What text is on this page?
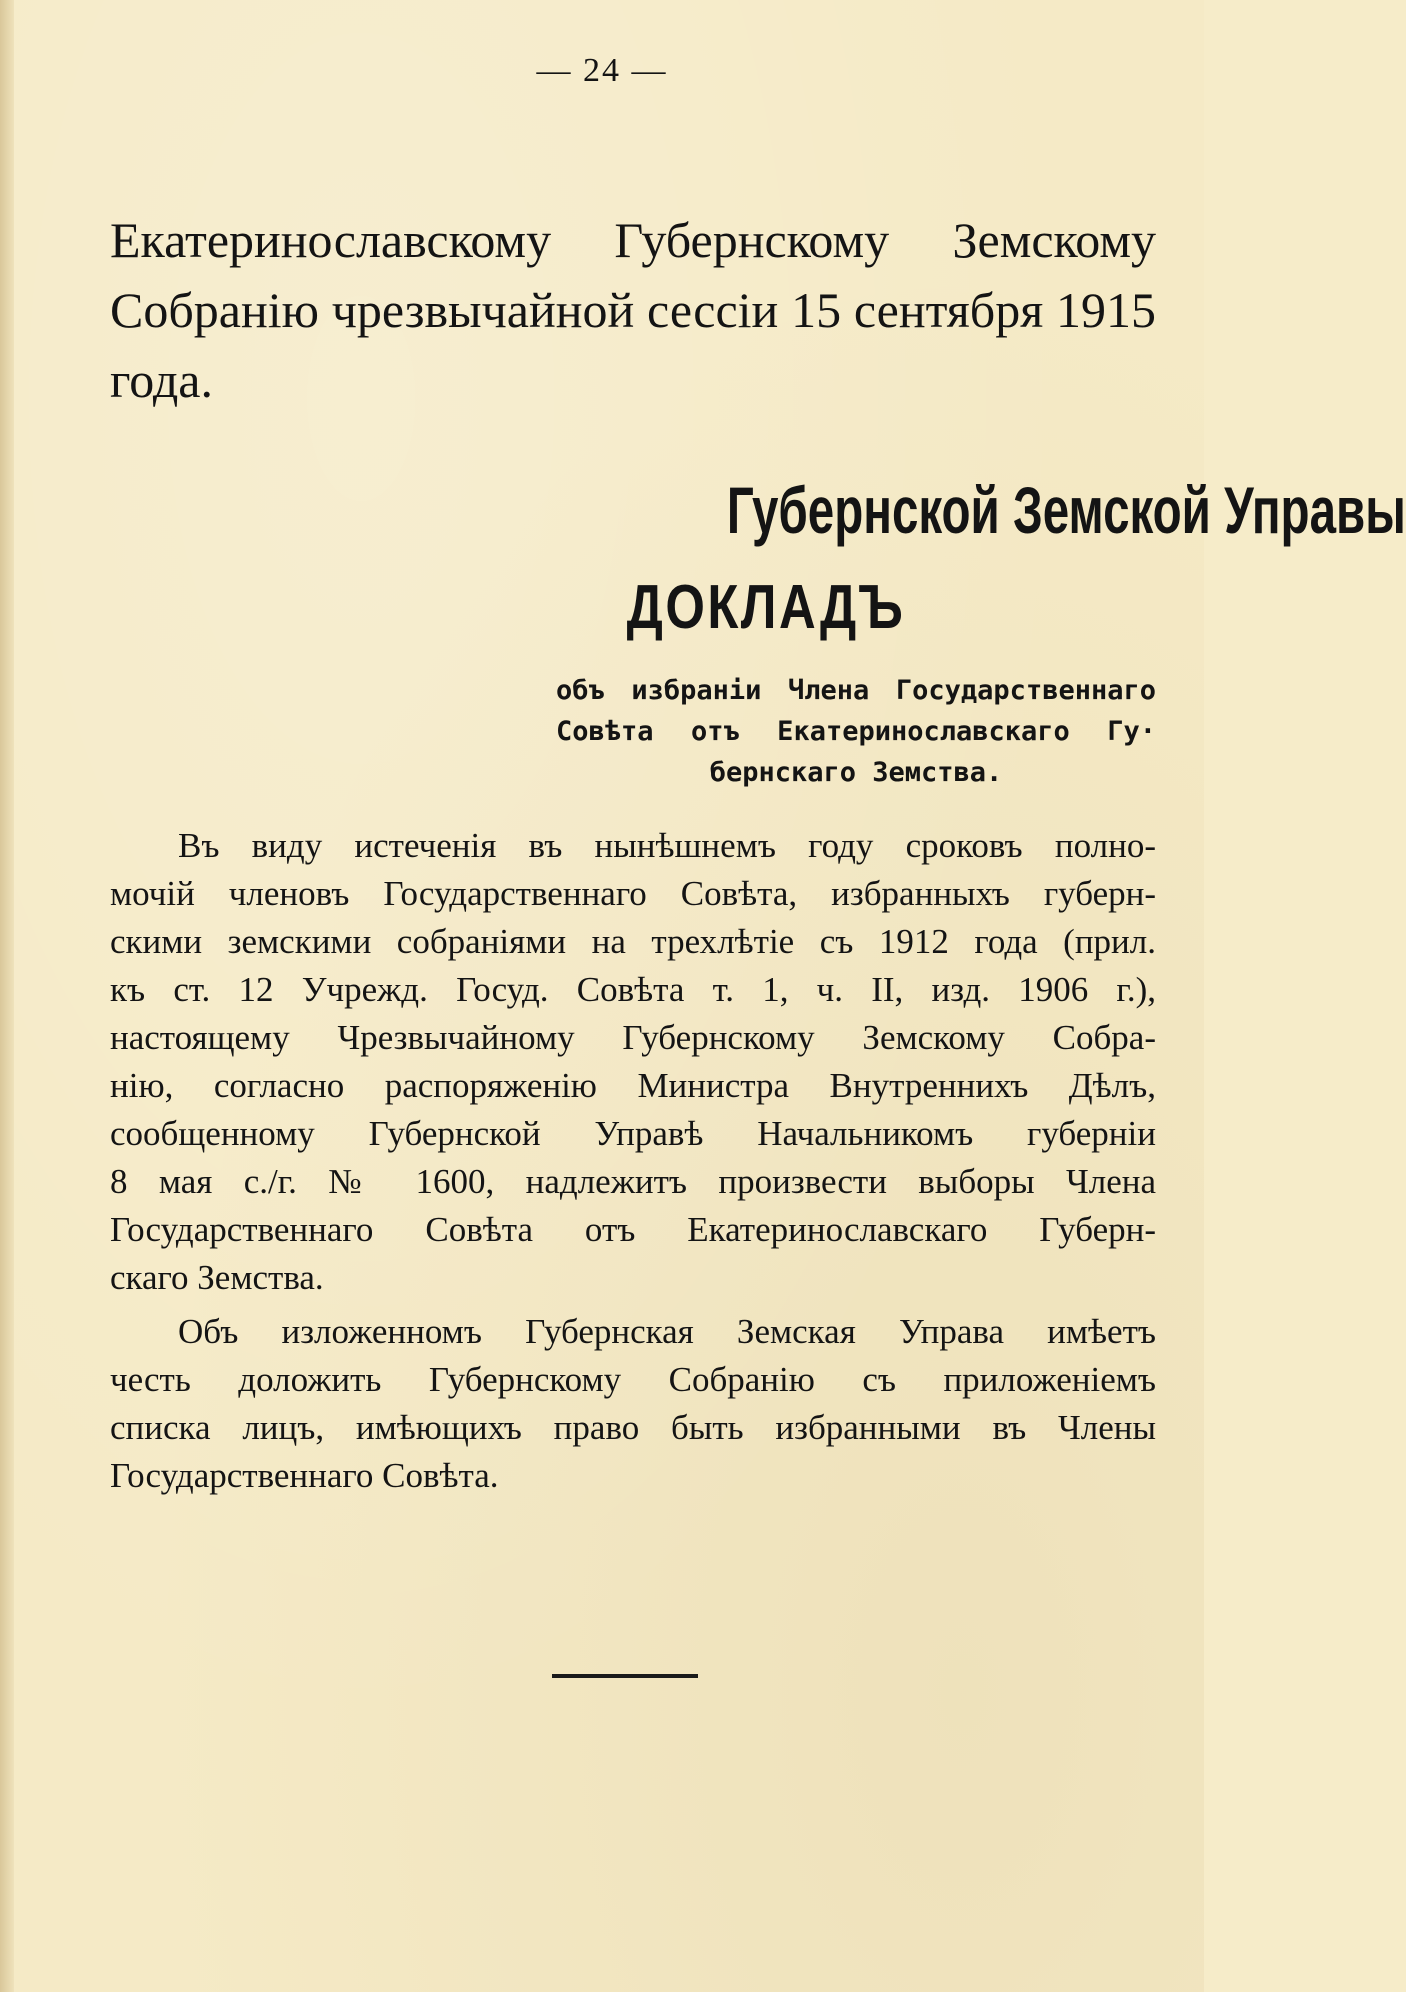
— 24 —
Екатеринославскому Губернскому Земскому Собранію чрезвычайной сессіи 15 сентября 1915 года.
Губернской Земской Управы
ДОКЛАДЪ
объ избраніи Члена Государственнаго
Совѣта отъ Екатеринославскаго Гу·
бернскаго Земства.
Въ виду истеченія въ нынѣшнемъ году сроковъ полно-
мочій членовъ Государственнаго Совѣта, избранныхъ губерн-
скими земскими собраніями на трехлѣтіе съ 1912 года (прил.
къ ст. 12 Учрежд. Госуд. Совѣта т. 1, ч. II, изд. 1906 г.),
настоящему Чрезвычайному Губернскому Земскому Собра-
нію, согласно распоряженію Министра Внутреннихъ Дѣлъ,
сообщенному Губернской Управѣ Начальникомъ губерніи
8 мая с./г. № 1600, надлежитъ произвести выборы Члена
Государственнаго Совѣта отъ Екатеринославскаго Губерн-
скаго Земства.
Объ изложенномъ Губернская Земская Управа имѣетъ
честь доложить Губернскому Собранію съ приложеніемъ
списка лицъ, имѣющихъ право быть избранными въ Члены
Государственнаго Совѣта.
